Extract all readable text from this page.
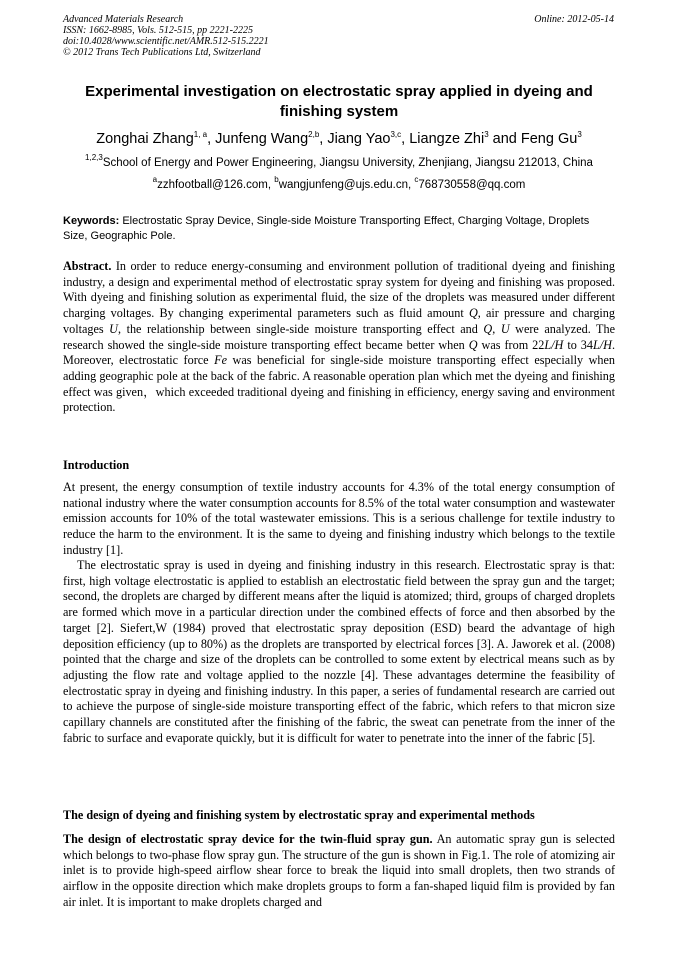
Advanced Materials Research
ISSN: 1662-8985, Vols. 512-515, pp 2221-2225
doi:10.4028/www.scientific.net/AMR.512-515.2221
© 2012 Trans Tech Publications Ltd, Switzerland
Online: 2012-05-14
Experimental investigation on electrostatic spray applied in dyeing and finishing system
Zonghai Zhang$^{1, a}$, Junfeng Wang$^{2,b}$, Jiang Yao$^{3,c}$, Liangze Zhi$^3$ and Feng Gu$^3$
$^{1,2,3}$School of Energy and Power Engineering, Jiangsu University, Zhenjiang, Jiangsu 212013, China
$^a$zzhfootball@126.com, $^b$wangjunfeng@ujs.edu.cn, $^c$768730558@qq.com
Keywords: Electrostatic Spray Device, Single-side Moisture Transporting Effect, Charging Voltage, Droplets Size, Geographic Pole.
Abstract. In order to reduce energy-consuming and environment pollution of traditional dyeing and finishing industry, a design and experimental method of electrostatic spray system for dyeing and finishing was proposed. With dyeing and finishing solution as experimental fluid, the size of the droplets was measured under different charging voltages. By changing experimental parameters such as fluid amount Q, air pressure and charging voltages U, the relationship between single-side moisture transporting effect and Q, U were analyzed. The research showed the single-side moisture transporting effect became better when Q was from 22L/H to 34L/H. Moreover, electrostatic force Fe was beneficial for single-side moisture transporting effect especially when adding geographic pole at the back of the fabric. A reasonable operation plan which met the dyeing and finishing effect was given，which exceeded traditional dyeing and finishing in efficiency, energy saving and environment protection.
Introduction
At present, the energy consumption of textile industry accounts for 4.3% of the total energy consumption of national industry where the water consumption accounts for 8.5% of the total water consumption and wastewater emission accounts for 10% of the total wastewater emissions. This is a serious challenge for textile industry to reduce the harm to the environment. It is the same to dyeing and finishing industry which belongs to the textile industry [1].
The electrostatic spray is used in dyeing and finishing industry in this research. Electrostatic spray is that: first, high voltage electrostatic is applied to establish an electrostatic field between the spray gun and the target; second, the droplets are charged by different means after the liquid is atomized; third, groups of charged droplets are formed which move in a particular direction under the combined effects of force and then absorbed by the target [2]. Siefert,W (1984) proved that electrostatic spray deposition (ESD) beard the advantage of high deposition efficiency (up to 80%) as the droplets are transported by electrical forces [3]. A. Jaworek et al. (2008) pointed that the charge and size of the droplets can be controlled to some extent by electrical means such as by adjusting the flow rate and voltage applied to the nozzle [4]. These advantages determine the feasibility of electrostatic spray in dyeing and finishing industry. In this paper, a series of fundamental research are carried out to achieve the purpose of single-side moisture transporting effect of the fabric, which refers to that micron size capillary channels are constituted after the finishing of the fabric, the sweat can penetrate from the inner of the fabric to surface and evaporate quickly, but it is difficult for water to penetrate into the inner of the fabric [5].
The design of dyeing and finishing system by electrostatic spray and experimental methods
The design of electrostatic spray device for the twin-fluid spray gun. An automatic spray gun is selected which belongs to two-phase flow spray gun. The structure of the gun is shown in Fig.1. The role of atomizing air inlet is to provide high-speed airflow shear force to break the liquid into small droplets, then two strands of airflow in the opposite direction which make droplets groups to form a fan-shaped liquid film is provided by fan air inlet. It is important to make droplets charged and
